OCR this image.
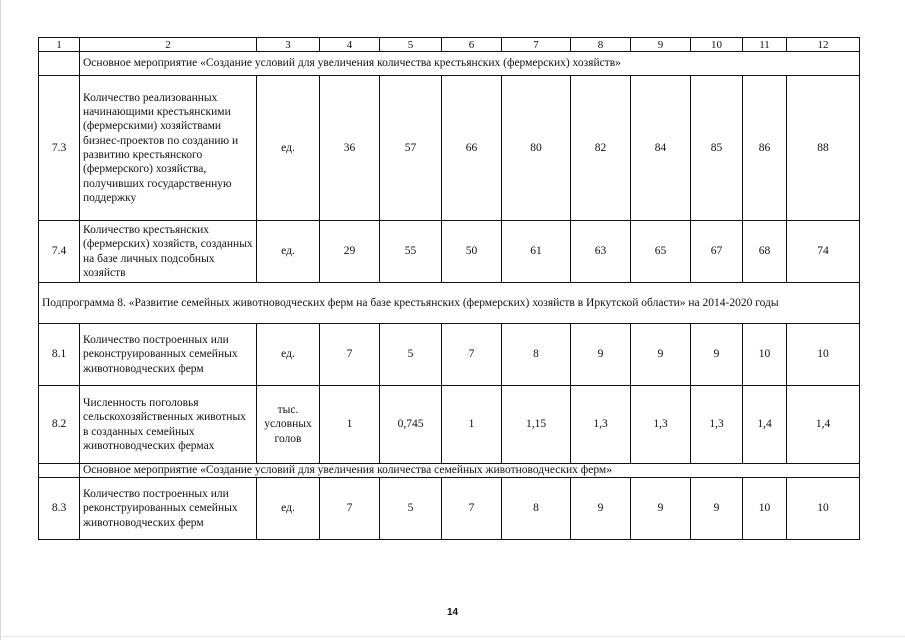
1	2	3	4	5	6	7	8	9	10	11	12
	Основное мероприятие «Создание условий для увеличения количества крестьянских (фермерских) хозяйств»										
7.3	Количество реализованных начинающими крестьянскими (фермерскими) хозяйствами бизнес-проектов по созданию и развитию крестьянского (фермерского) хозяйства, получивших государственную поддержку	ед.	36	57	66	80	82	84	85	86	88
7.4	Количество крестьянских (фермерских) хозяйств, созданных на базе личных подсобных хозяйств	ед.	29	55	50	61	63	65	67	68	74
Подпрограмма 8. «Развитие семейных животноводческих ферм на базе крестьянских (фермерских) хозяйств в Иркутской области» на 2014-2020 годы											
8.1	Количество построенных или реконструированных семейных животноводческих ферм	ед.	7	5	7	8	9	9	9	10	10
8.2	Численность поголовья сельскохозяйственных животных в созданных семейных животноводческих фермах	тыс. условных голов	1	0,745	1	1,15	1,3	1,3	1,3	1,4	1,4
	Основное мероприятие «Создание условий для увеличения количества семейных животноводческих ферм»										
8.3	Количество построенных или реконструированных семейных животноводческих ферм	ед.	7	5	7	8	9	9	9	10	10
14
